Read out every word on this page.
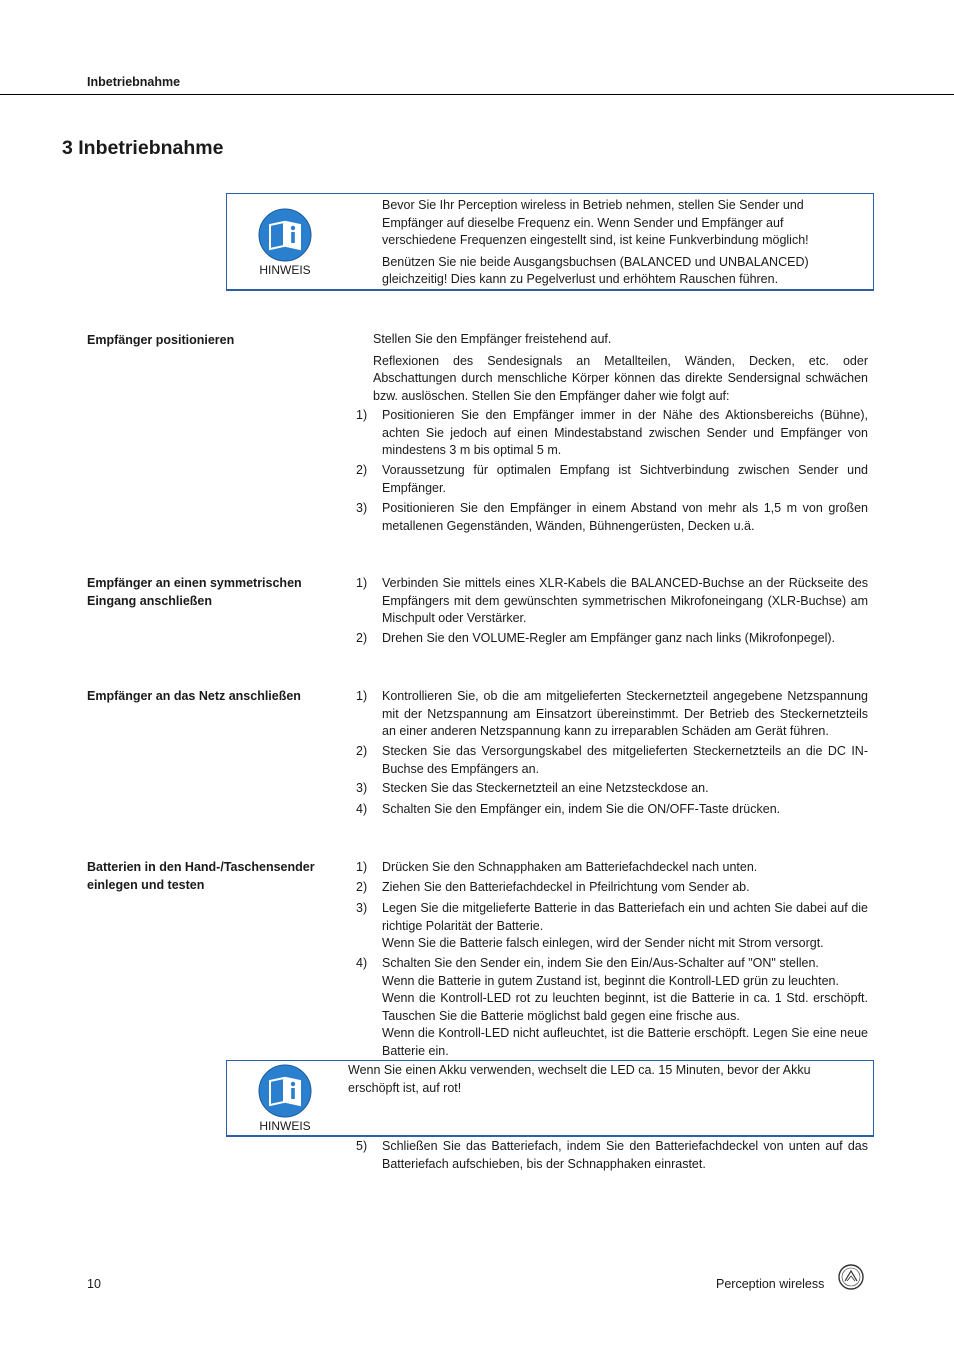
Inbetriebnahme
3 Inbetriebnahme
HINWEIS

Bevor Sie Ihr Perception wireless in Betrieb nehmen, stellen Sie Sender und Empfänger auf dieselbe Frequenz ein. Wenn Sender und Empfänger auf verschiedene Frequenzen eingestellt sind, ist keine Funkverbindung möglich!

Benützen Sie nie beide Ausgangsbuchsen (BALANCED und UNBALANCED) gleichzeitig! Dies kann zu Pegelverlust und erhöhtem Rauschen führen.

Empfänger positionieren	Stellen Sie den Empfänger freistehend auf.

Reflexionen des Sendesignals an Metallteilen, Wänden, Decken, etc. oder Abschattungen durch menschliche Körper können das direkte Sendersignal schwächen bzw. auslöschen. Stellen Sie den Empfänger daher wie folgt auf:

1) Positionieren Sie den Empfänger immer in der Nähe des Aktionsbereichs (Bühne), achten Sie jedoch auf einen Mindestabstand zwischen Sender und Empfänger von mindestens 3 m bis optimal 5 m.
2) Voraussetzung für optimalen Empfang ist Sichtverbindung zwischen Sender und Empfänger.
3) Positionieren Sie den Empfänger in einem Abstand von mehr als 1,5 m von großen metallenen Gegenständen, Wänden, Bühnengerüsten, Decken u.ä.
Empfänger an einen symmetrischen
Eingang anschließen
1) Verbinden Sie mittels eines XLR-Kabels die BALANCED-Buchse an der Rückseite des Empfängers mit dem gewünschten symmetrischen Mikrofoneingang (XLR-Buchse) am Mischpult oder Verstärker.
2) Drehen Sie den VOLUME-Regler am Empfänger ganz nach links (Mikrofonpegel).
Empfänger an das Netz anschließen	1) Kontrollieren Sie, ob die am mitgelieferten Steckernetzteil angegebene Netzspannung mit der Netzspannung am Einsatzort übereinstimmt. Der Betrieb des Steckernetzteils an einer anderen Netzspannung kann zu irreparablen Schäden am Gerät führen.
2) Stecken Sie das Versorgungskabel des mitgelieferten Steckernetzteils an die DC IN-Buchse des Empfängers an.
3) Stecken Sie das Steckernetzteil an eine Netzsteckdose an.
4) Schalten Sie den Empfänger ein, indem Sie die ON/OFF-Taste drücken.
Batterien in den Hand-/Taschensender
einlegen und testen
1) Drücken Sie den Schnapphaken am Batteriefachdeckel nach unten.
2) Ziehen Sie den Batteriefachdeckel in Pfeilrichtung vom Sender ab.
3) Legen Sie die mitgelieferte Batterie in das Batteriefach ein und achten Sie dabei auf die richtige Polarität der Batterie.
Wenn Sie die Batterie falsch einlegen, wird der Sender nicht mit Strom versorgt.
4) Schalten Sie den Sender ein, indem Sie den Ein/Aus-Schalter auf "ON" stellen.
Wenn die Batterie in gutem Zustand ist, beginnt die Kontroll-LED grün zu leuchten.
Wenn die Kontroll-LED rot zu leuchten beginnt, ist die Batterie in ca. 1 Std. erschöpft. Tauschen Sie die Batterie möglichst bald gegen eine frische aus.
Wenn die Kontroll-LED nicht aufleuchtet, ist die Batterie erschöpft. Legen Sie eine neue Batterie ein.
HINWEIS
Wenn Sie einen Akku verwenden, wechselt die LED ca. 15 Minuten, bevor der Akku erschöpft ist, auf rot!
5) Schließen Sie das Batteriefach, indem Sie den Batteriefachdeckel von unten auf das Batteriefach aufschieben, bis der Schnapphaken einrastet.
10	Perception wireless
